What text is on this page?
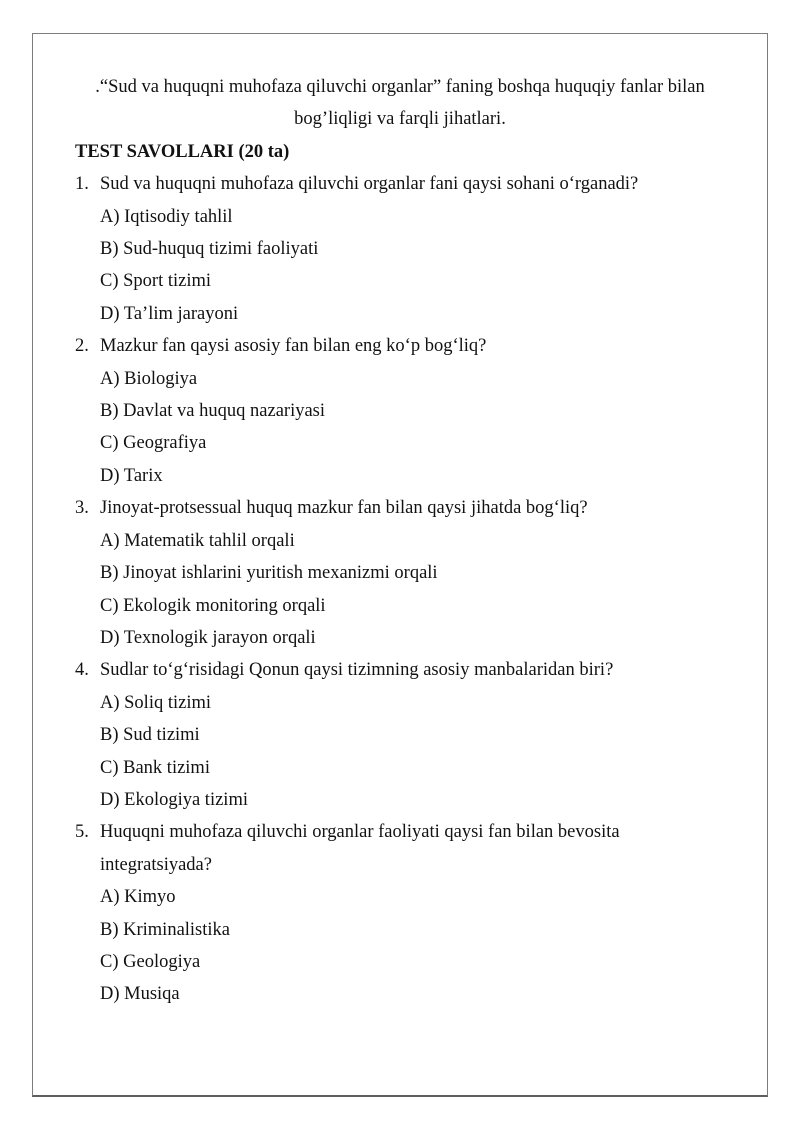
.“Sud va huquqni muhofaza qiluvchi organlar” faning boshqa huquqiy fanlar bilan
bog’liqligi va farqli jihatlari.
TEST SAVOLLARI (20 ta)
1. Sud va huquqni muhofaza qiluvchi organlar fani qaysi sohani oʻrganadi?
A) Iqtisodiy tahlil
B) Sud-huquq tizimi faoliyati
C) Sport tizimi
D) Ta’lim jarayoni
2. Mazkur fan qaysi asosiy fan bilan eng koʻp bogʻliq?
A) Biologiya
B) Davlat va huquq nazariyasi
C) Geografiya
D) Tarix
3. Jinoyat-protsessual huquq mazkur fan bilan qaysi jihatda bogʻliq?
A) Matematik tahlil orqali
B) Jinoyat ishlarini yuritish mexanizmi orqali
C) Ekologik monitoring orqali
D) Texnologik jarayon orqali
4. Sudlar toʻgʻrisidagi Qonun qaysi tizimning asosiy manbalaridan biri?
A) Soliq tizimi
B) Sud tizimi
C) Bank tizimi
D) Ekologiya tizimi
5. Huquqni muhofaza qiluvchi organlar faoliyati qaysi fan bilan bevosita integratsiyada?
A) Kimyo
B) Kriminalistika
C) Geologiya
D) Musiqa
